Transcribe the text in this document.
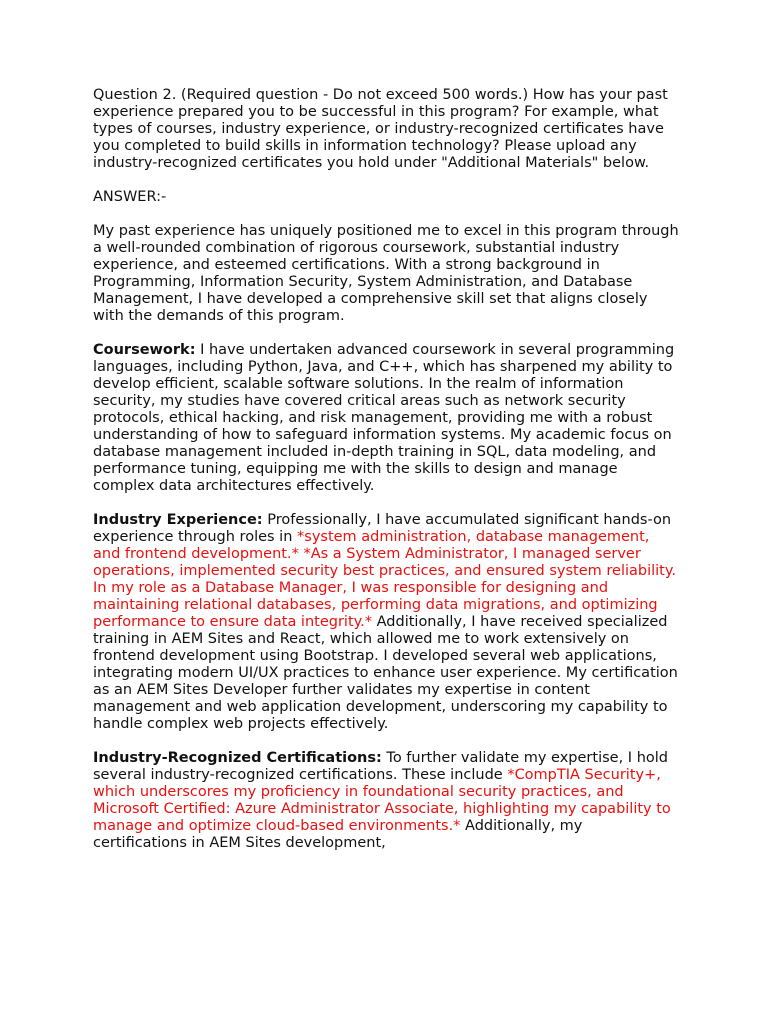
Question 2. (Required question - Do not exceed 500 words.) How has your past experience prepared you to be successful in this program? For example, what types of courses, industry experience, or industry-recognized certificates have you completed to build skills in information technology? Please upload any industry-recognized certificates you hold under "Additional Materials" below.

ANSWER:-

My past experience has uniquely positioned me to excel in this program through a well-rounded combination of rigorous coursework, substantial industry experience, and esteemed certifications. With a strong background in Programming, Information Security, System Administration, and Database Management, I have developed a comprehensive skill set that aligns closely with the demands of this program.

Coursework: I have undertaken advanced coursework in several programming languages, including Python, Java, and C++, which has sharpened my ability to develop efficient, scalable software solutions. In the realm of information security, my studies have covered critical areas such as network security protocols, ethical hacking, and risk management, providing me with a robust understanding of how to safeguard information systems. My academic focus on database management included in-depth training in SQL, data modeling, and performance tuning, equipping me with the skills to design and manage complex data architectures effectively.

Industry Experience: Professionally, I have accumulated significant hands-on experience through roles in *system administration, database management, and frontend development.* *As a System Administrator, I managed server operations, implemented security best practices, and ensured system reliability. In my role as a Database Manager, I was responsible for designing and maintaining relational databases, performing data migrations, and optimizing performance to ensure data integrity.* Additionally, I have received specialized training in AEM Sites and React, which allowed me to work extensively on frontend development using Bootstrap. I developed several web applications, integrating modern UI/UX practices to enhance user experience. My certification as an AEM Sites Developer further validates my expertise in content management and web application development, underscoring my capability to handle complex web projects effectively.

Industry-Recognized Certifications: To further validate my expertise, I hold several industry-recognized certifications. These include *CompTIA Security+, which underscores my proficiency in foundational security practices, and Microsoft Certified: Azure Administrator Associate, highlighting my capability to manage and optimize cloud-based environments.* Additionally, my certifications in AEM Sites development,
